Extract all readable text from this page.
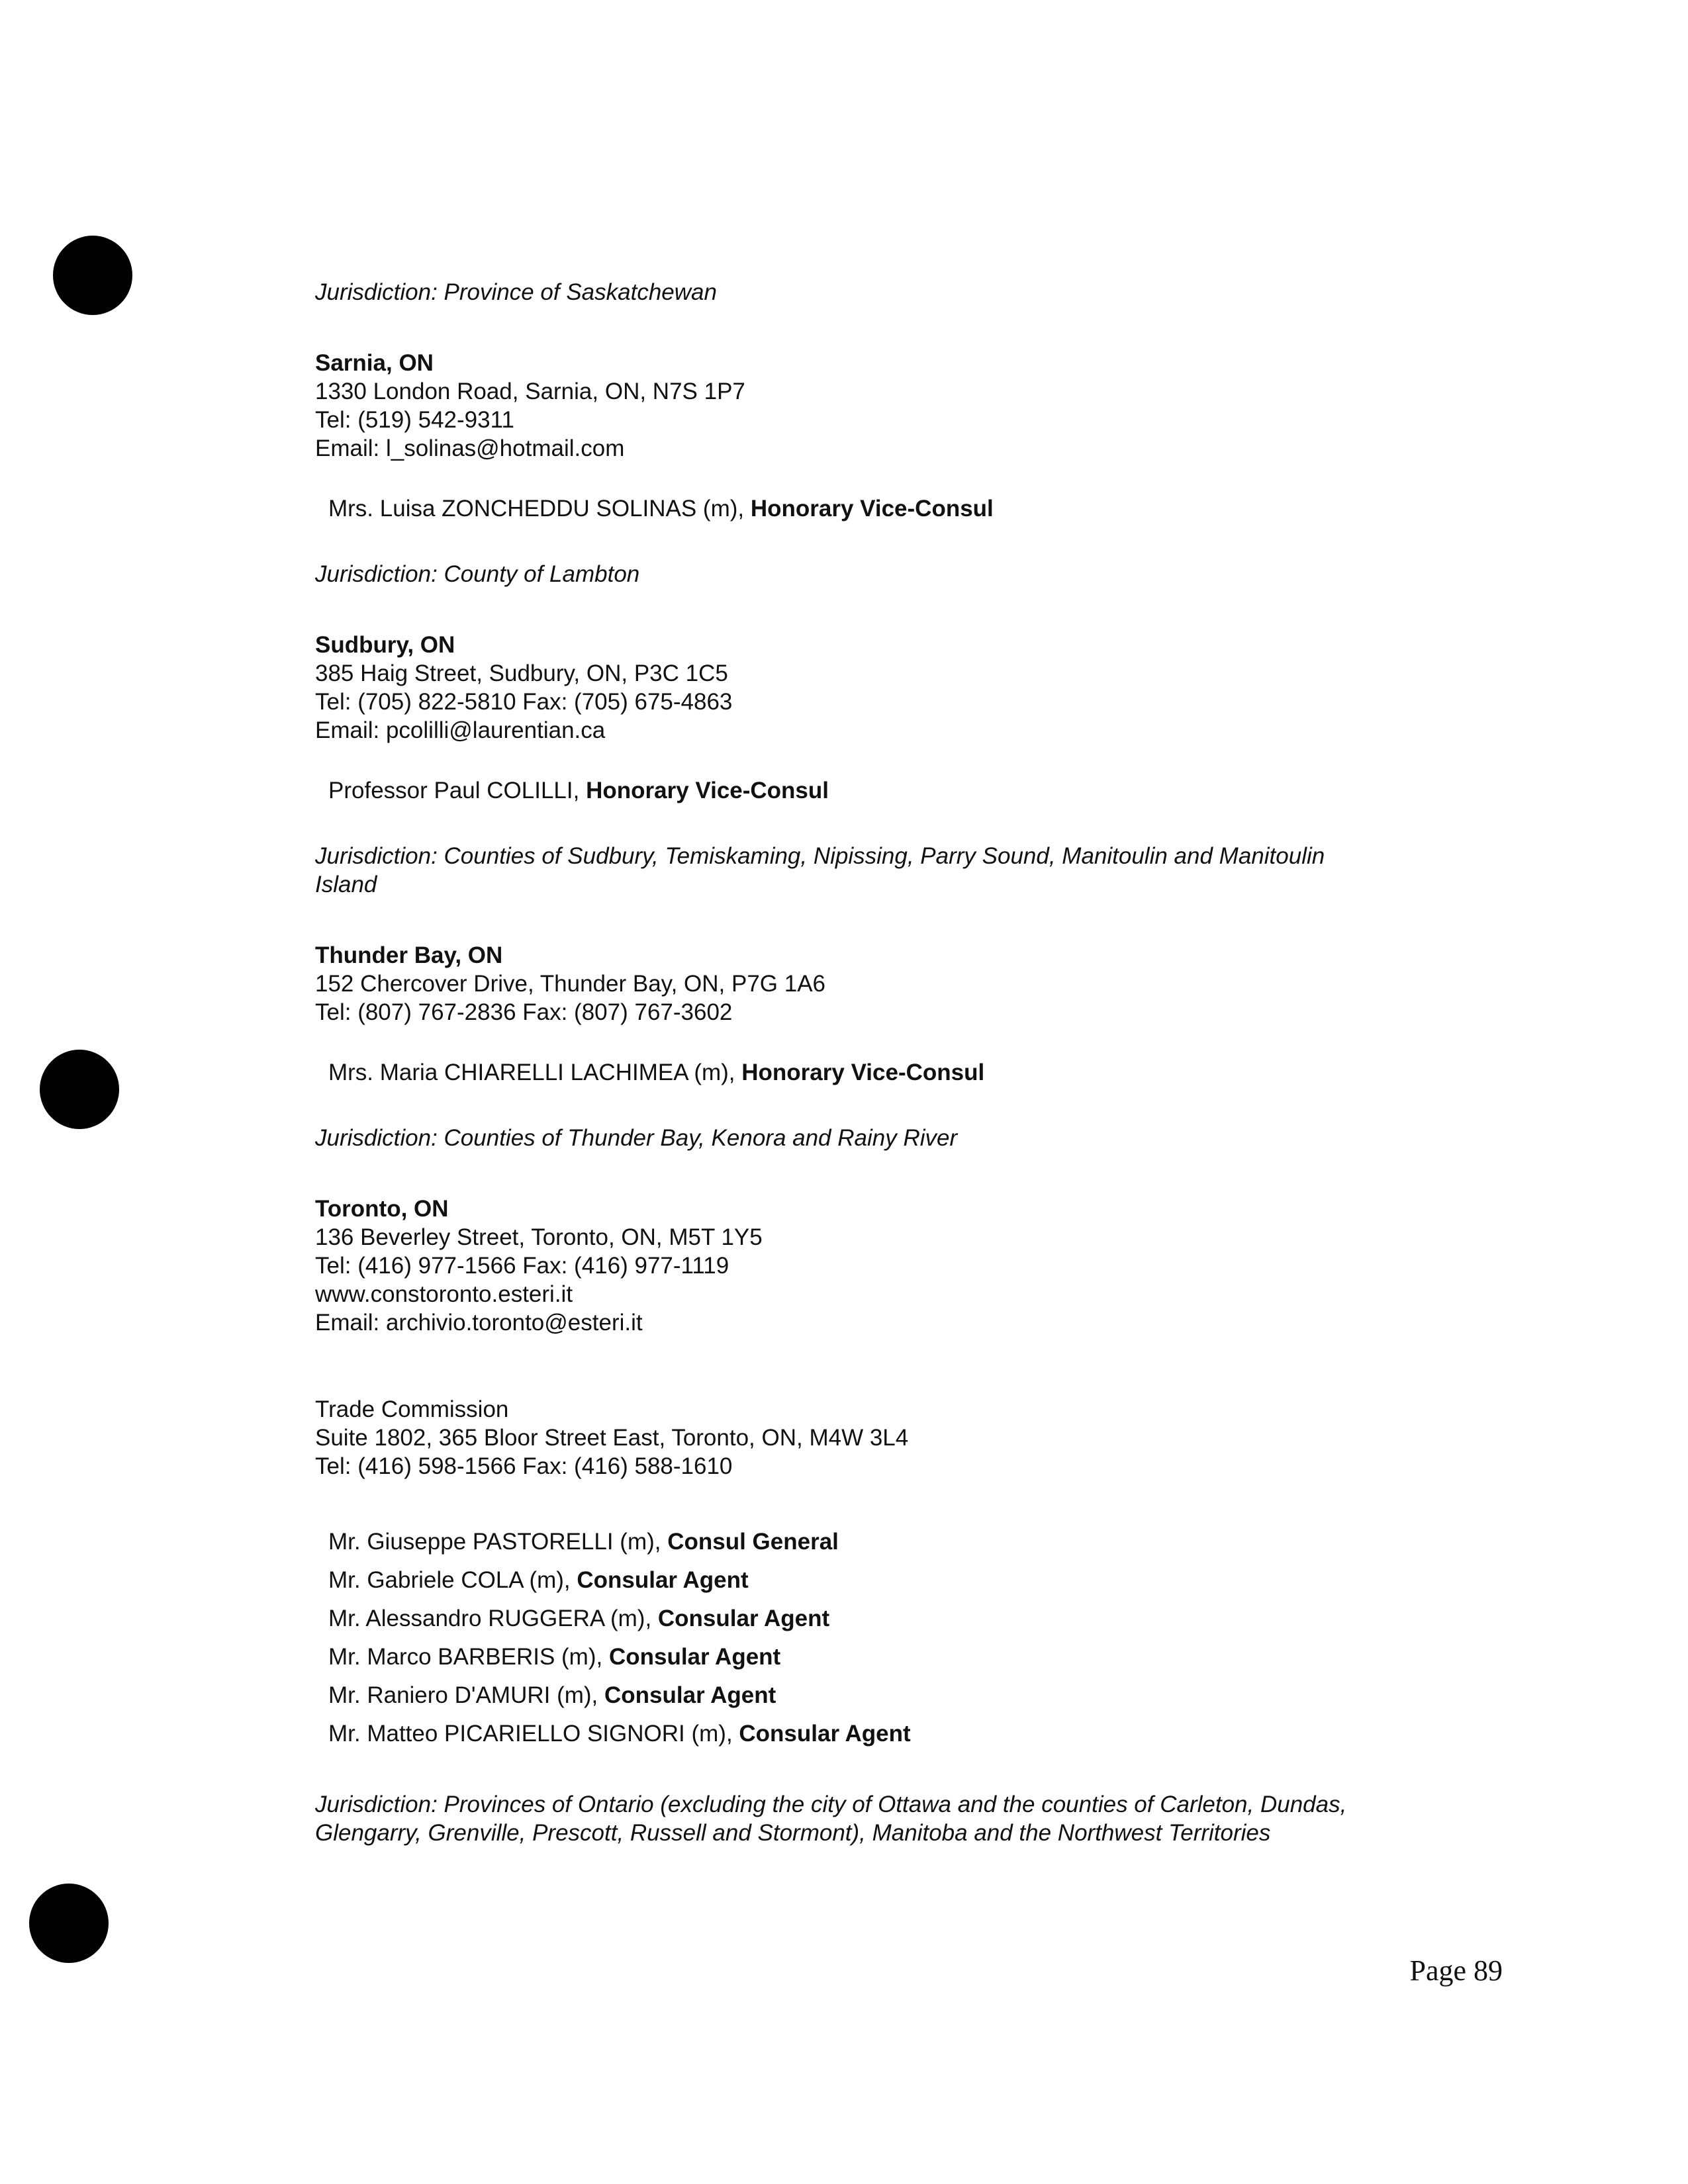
Jurisdiction: Province of Saskatchewan
Sarnia, ON
1330 London Road, Sarnia, ON, N7S 1P7
Tel: (519) 542-9311
Email: l_solinas@hotmail.com
Mrs. Luisa ZONCHEDDU SOLINAS (m), Honorary Vice-Consul
Jurisdiction: County of Lambton
Sudbury, ON
385 Haig Street, Sudbury, ON, P3C 1C5
Tel: (705) 822-5810 Fax: (705) 675-4863
Email: pcolilli@laurentian.ca
Professor Paul COLILLI, Honorary Vice-Consul
Jurisdiction: Counties of Sudbury, Temiskaming, Nipissing, Parry Sound, Manitoulin and Manitoulin Island
Thunder Bay, ON
152 Chercover Drive, Thunder Bay, ON, P7G 1A6
Tel: (807) 767-2836 Fax: (807) 767-3602
Mrs. Maria CHIARELLI LACHIMEA (m), Honorary Vice-Consul
Jurisdiction: Counties of Thunder Bay, Kenora and Rainy River
Toronto, ON
136 Beverley Street, Toronto, ON, M5T 1Y5
Tel: (416) 977-1566 Fax: (416) 977-1119
www.constoronto.esteri.it
Email: archivio.toronto@esteri.it
Trade Commission
Suite 1802, 365 Bloor Street East, Toronto, ON, M4W 3L4
Tel: (416) 598-1566 Fax: (416) 588-1610
Mr. Giuseppe PASTORELLI (m), Consul General
Mr. Gabriele COLA (m), Consular Agent
Mr. Alessandro RUGGERA (m), Consular Agent
Mr. Marco BARBERIS (m), Consular Agent
Mr. Raniero D'AMURI (m), Consular Agent
Mr. Matteo PICARIELLO SIGNORI (m), Consular Agent
Jurisdiction: Provinces of Ontario (excluding the city of Ottawa and the counties of Carleton, Dundas, Glengarry, Grenville, Prescott, Russell and Stormont), Manitoba and the Northwest Territories
Page 89
